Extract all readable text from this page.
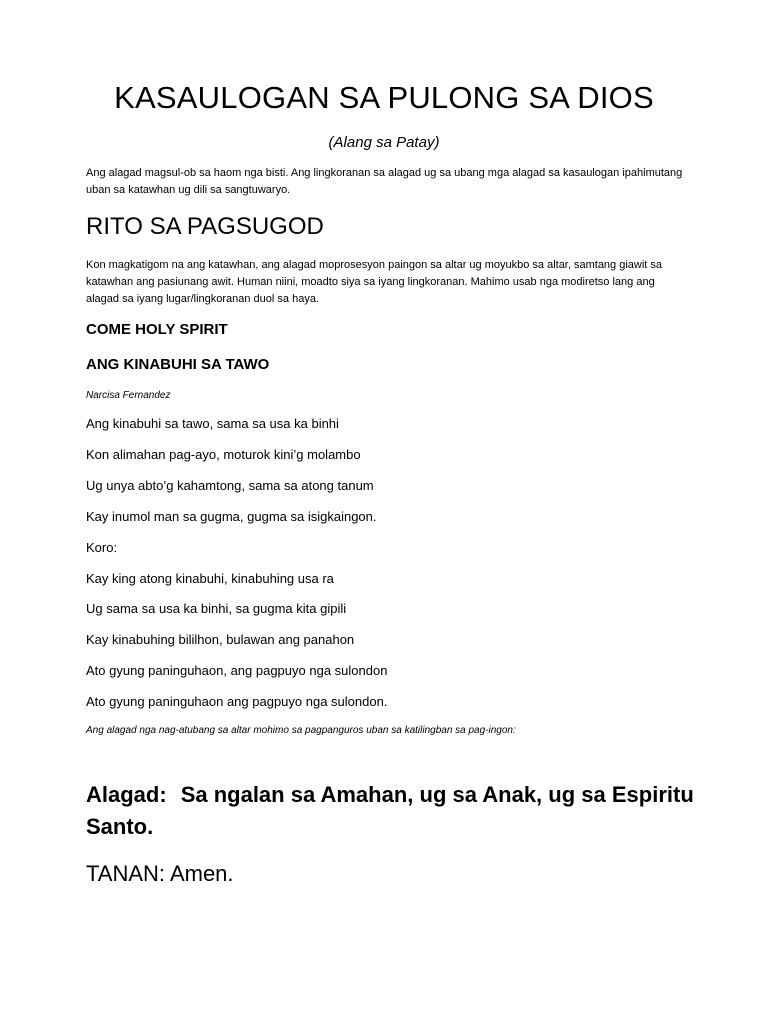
KASAULOGAN SA PULONG SA DIOS

(Alang sa Patay)

Ang alagad magsul-ob sa haom nga bisti. Ang lingkoranan sa alagad ug sa ubang mga alagad sa kasaulogan ipahimutang uban sa katawhan ug dili sa sangtuwaryo.

RITO SA PAGSUGOD

Kon magkatigom na ang katawhan, ang alagad moprosesyon paingon sa altar ug moyukbo sa altar, samtang giawit sa katawhan ang pasiunang awit. Human niini, moadto siya sa iyang lingkoranan. Mahimo usab nga modiretso lang ang alagad sa iyang lugar/lingkoranan duol sa haya.

COME HOLY SPIRIT
ANG KINABUHI SA TAWO

Narcisa Fernandez

Ang kinabuhi sa tawo, sama sa usa ka binhi

Kon alimahan pag-ayo, moturok kini’g molambo

Ug unya abto’g kahamtong, sama sa atong tanum

Kay inumol man sa gugma, gugma sa isigkaingon.

Koro:

Kay king atong kinabuhi, kinabuhing usa ra

Ug sama sa usa ka binhi, sa gugma kita gipili

Kay kinabuhing bililhon, bulawan ang panahon

Ato gyung paninguhaon, ang pagpuyo nga sulondon

Ato gyung paninguhaon ang pagpuyo nga sulondon.

Ang alagad nga nag-atubang sa altar mohimo sa pagpanguros uban sa katilingban sa pag-ingon:

Alagad: Sa ngalan sa Amahan, ug sa Anak, ug sa Espiritu Santo.

TANAN: Amen.
